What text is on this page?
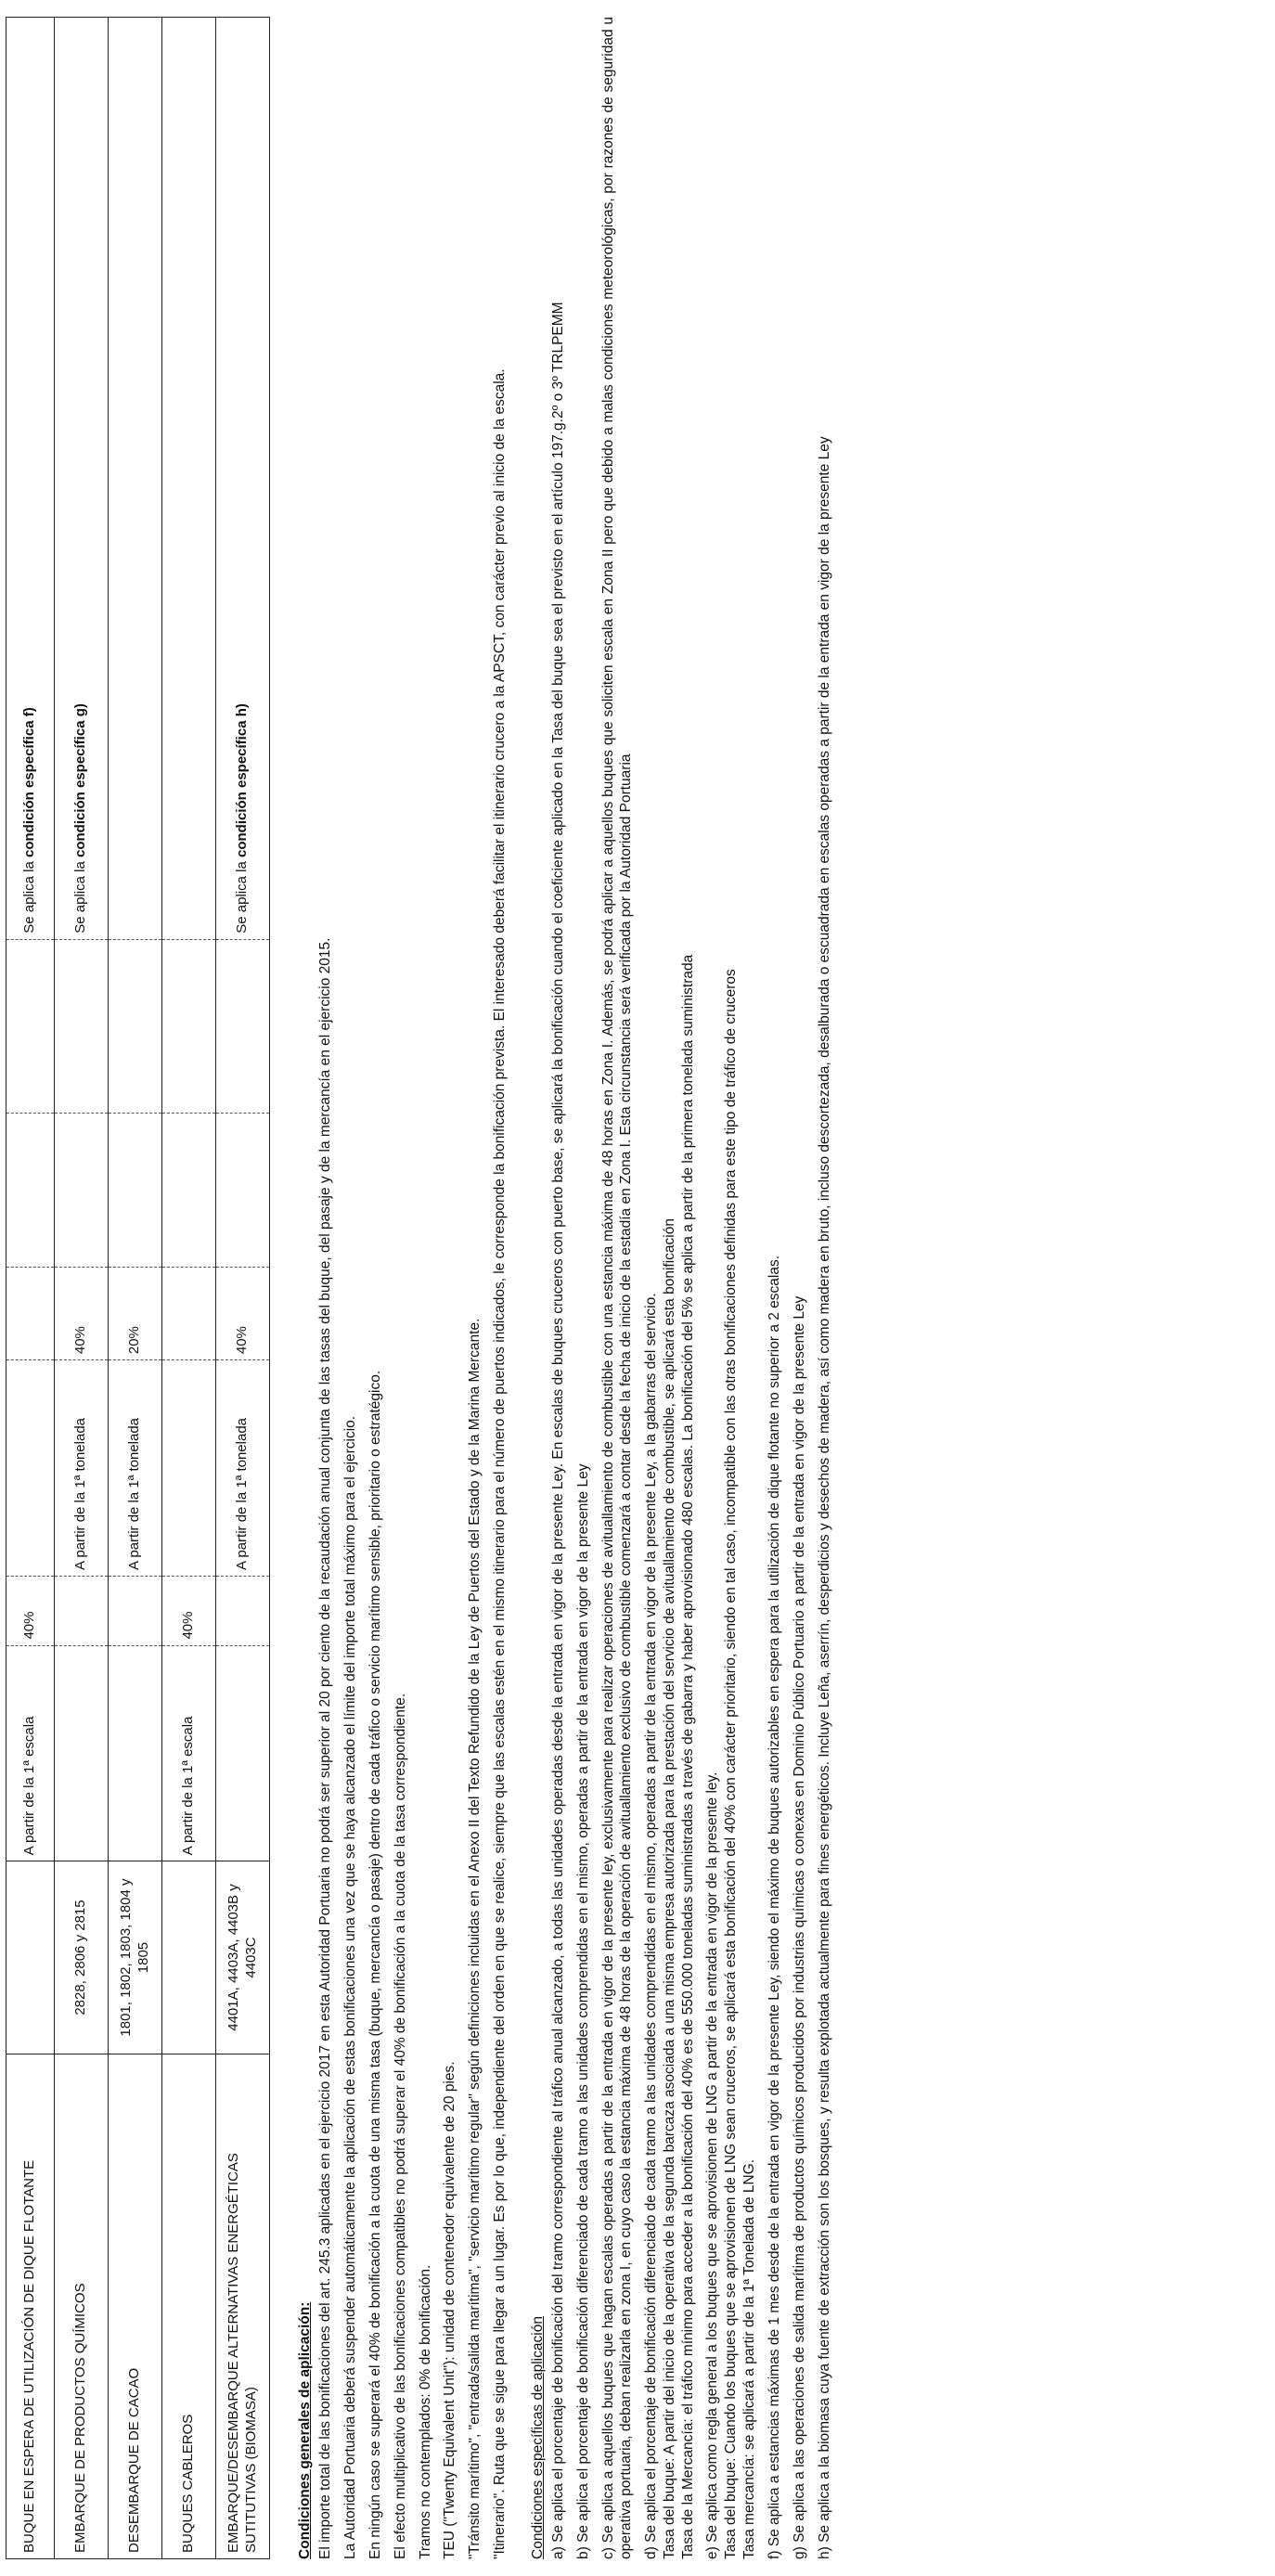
BUQUE EN ESPERA DE UTILIZACIÓN DE DIQUE FLOTANTE		A partir de la 1ª escala	40%					Se aplica la condición específica f)
EMBARQUE DE PRODUCTOS QUÍMICOS	2828, 2806 y 2815			A partir de la 1ª tonelada	40%			Se aplica la condición específica g)
DESEMBARQUE DE CACAO	1801, 1802, 1803, 1804 y 1805			A partir de la 1ª tonelada	20%			
BUQUES CABLEROS		A partir de la 1ª escala	40%					
EMBARQUE/DESEMBARQUE ALTERNATIVAS ENERGÉTICAS SUTITUTIVAS (BIOMASA)	4401A, 4403A, 4403B y 4403C			A partir de la 1ª tonelada	40%			Se aplica la condición específica h)
Condiciones generales de aplicación: El importe total de las bonificaciones del art. 245.3 aplicadas en el ejercicio 2017 en esta Autoridad Portuaria no podrá ser superior al 20 por ciento de la recaudación anual conjunta de las tasas del buque, del pasaje y de la mercancía en el ejercicio 2015. La Autoridad Portuaria deberá suspender automáticamente la aplicación de estas bonificaciones una vez que se haya alcanzado el límite del importe total máximo para el ejercicio. En ningún caso se superará el 40% de bonificación a la cuota de una misma tasa (buque, mercancía o pasaje) dentro de cada tráfico o servicio marítimo sensible, prioritario o estratégico. El efecto multiplicativo de las bonificaciones compatibles no podrá superar el 40% de bonificación a la cuota de la tasa correspondiente. Tramos no contemplados: 0% de bonificación. TEU ("Twenty Equivalent Unit"): unidad de contenedor equivalente de 20 pies. "Tránsito marítimo", "entrada/salida marítima", "servicio marítimo regular" según definiciones incluidas en el Anexo II del Texto Refundido de la Ley de Puertos del Estado y de la Marina Mercante. "Itinerario". Ruta que se sigue para llegar a un lugar. Es por lo que, independiente del orden en que se realice, siempre que las escalas estén en el mismo itinerario para el número de puertos indicados, le corresponde la bonificación prevista. El interesado deberá facilitar el itinerario crucero a la APSCT, con carácter previo al inicio de la escala. Condiciones específicas de aplicación a) Se aplica el porcentaje de bonificación del tramo correspondiente al tráfico anual alcanzado, a todas las unidades operadas desde la entrada en vigor de la presente Ley. En escalas de buques cruceros con puerto base, se aplicará la bonificación cuando el coeficiente aplicado en la Tasa del buque sea el previsto en el artículo 197.g.2º o 3º TRLPEMM b) Se aplica el porcentaje de bonificación diferenciado de cada tramo a las unidades comprendidas en el mismo, operadas a partir de la entrada en vigor de la presente Ley c) Se aplica a aquellos buques que hagan escalas operadas a partir de la entrada en vigor de la presente ley, exclusivamente para realizar operaciones de avituallamiento de combustible con una estancia máxima de 48 horas en Zona I. Además, se podrá aplicar a aquellos buques que soliciten escala en Zona II pero que debido a malas condiciones meteorológicas, por razones de seguridad u operativa portuaria, deban realizarla en zona I, en cuyo caso la estancia máxima de 48 horas de la operación de avituallamiento exclusivo de combustible comenzará a contar desde la fecha de inicio de la estadía en Zona I. Esta circunstancia será verificada por la Autoridad Portuaria d) Se aplica el porcentaje de bonificación diferenciado de cada tramo a las unidades comprendidas en el mismo, operadas a partir de la entrada en vigor de la presente Ley, a la gabarras del servicio. Tasa del buque: A partir del inicio de la operativa de la segunda barcaza asociada a una misma empresa autorizada para la prestación del servicio de avituallamiento de combustible, se aplicará esta bonificación Tasa de la Mercancía: el tráfico mínimo para acceder a la bonificación del 40% es de 550.000 toneladas suministradas a través de gabarra y haber aprovisionado 480 escalas. La bonificación del 5% se aplica a partir de la primera tonelada suministrada e) Se aplica como regla general a los buques que se aprovisionen de LNG a partir de la entrada en vigor de la presente ley. Tasa del buque: Cuando los buques que se aprovisionen de LNG sean cruceros, se aplicará esta bonificación del 40% con carácter prioritario, siendo en tal caso, incompatible con las otras bonificaciones definidas para este tipo de tráfico de cruceros Tasa mercancía: se aplicará a partir de la 1ª Tonelada de LNG. f) Se aplica a estancias máximas de 1 mes desde de la entrada en vigor de la presente Ley, siendo el máximo de buques autorizables en espera para la utilización de dique flotante no superior a 2 escalas. g) Se aplica a las operaciones de salida marítima de productos químicos producidos por industrias químicas o conexas en Dominio Público Portuario a partir de la entrada en vigor de la presente Ley h) Se aplica a la biomasa cuya fuente de extracción son los bosques, y resulta explotada actualmente para fines energéticos. Incluye Leña, aserrín, desperdicios y desechos de madera, así como madera en bruto, incluso descortezada, desalburada o escuadrada en escalas operadas a partir de la entrada en vigor de la presente Ley
